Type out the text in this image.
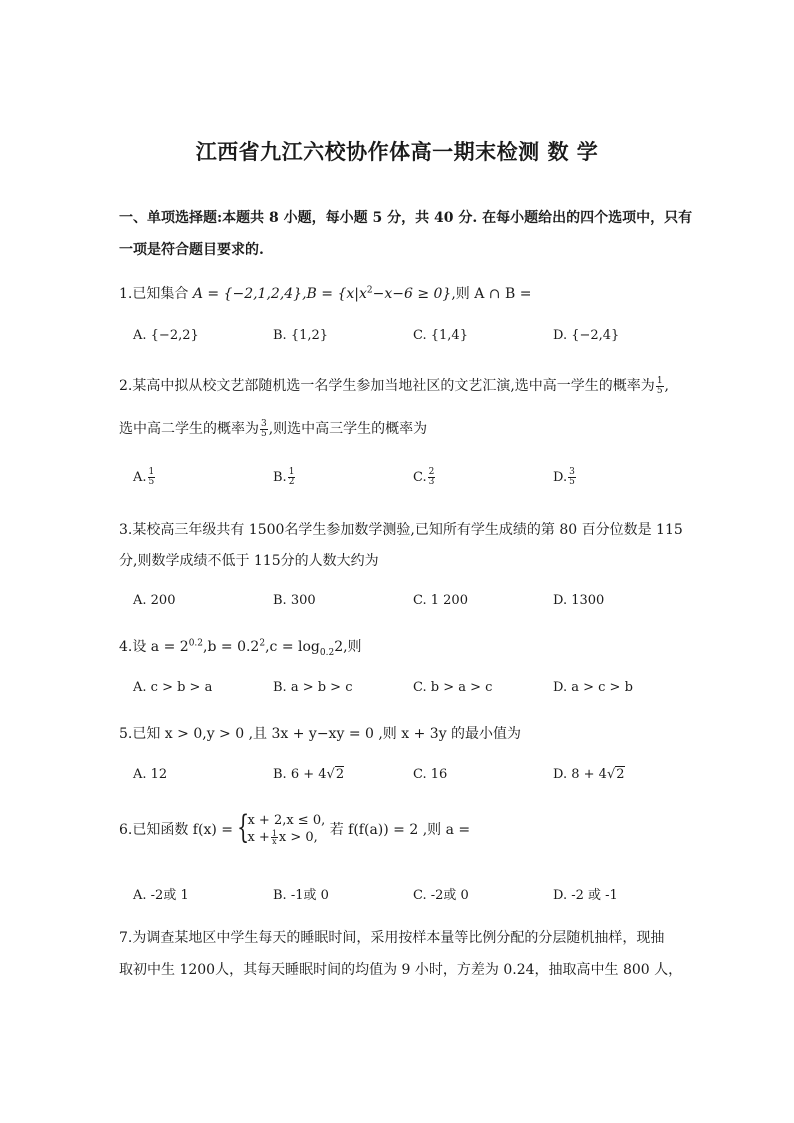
江西省九江六校协作体高一期末检测 数 学
一、单项选择题:本题共 8 小题，每小题 5 分，共 40 分. 在每小题给出的四个选项中，只有
一项是符合题目要求的.
1.已知集合 $A = \{-2,1,2,4\},B = \{x|x^2-x-6 \ge 0\}$,则 A ∩ B =
A. {−2,2}	B. {1,2}	C. {1,4}	D. {−2,4}
2.某高中拟从校文艺部随机选一名学生参加当地社区的文艺汇演,选中高一学生的概率为 $\frac{1}{5}$ ,
选中高二学生的概率为 $\frac{3}{5}$ ,则选中高三学生的概率为
A. $\frac{1}{5}$	B. $\frac{1}{2}$	C. $\frac{2}{3}$	D. $\frac{3}{5}$
3.某校高三年级共有 1500名学生参加数学测验,已知所有学生成绩的第 80 百分位数是 115
分,则数学成绩不低于 115分的人数大约为
A. 200	B. 300	C. 1 200	D. 1300
4.设 $a = 2^{0.2},b = 0.2^2,c = \log_{0.2}2$,则
A. c > b > a	B. a > b > c	C. b > a > c	D. a > c > b
5.已知 x > 0,y > 0 ,且 3x + y−xy = 0 ,则 x + 3y 的最小值为
A. 12	B. 6 + 4√2	C. 16	D. 8 + 4√2
6.已知函数 f(x) = {
x + 2,x ≤ 0,
$x + \frac{1}{x}$ x > 0, 若 f(f(a)) = 2 ,则 a =
A. -2或 1	B. -1或 0	C. -2或 0	D. -2 或 -1
7.为调查某地区中学生每天的睡眠时间，采用按样本量等比例分配的分层随机抽样，现抽
取初中生 1200人，其每天睡眠时间的均值为 9 小时，方差为 0.24，抽取高中生 800 人，
